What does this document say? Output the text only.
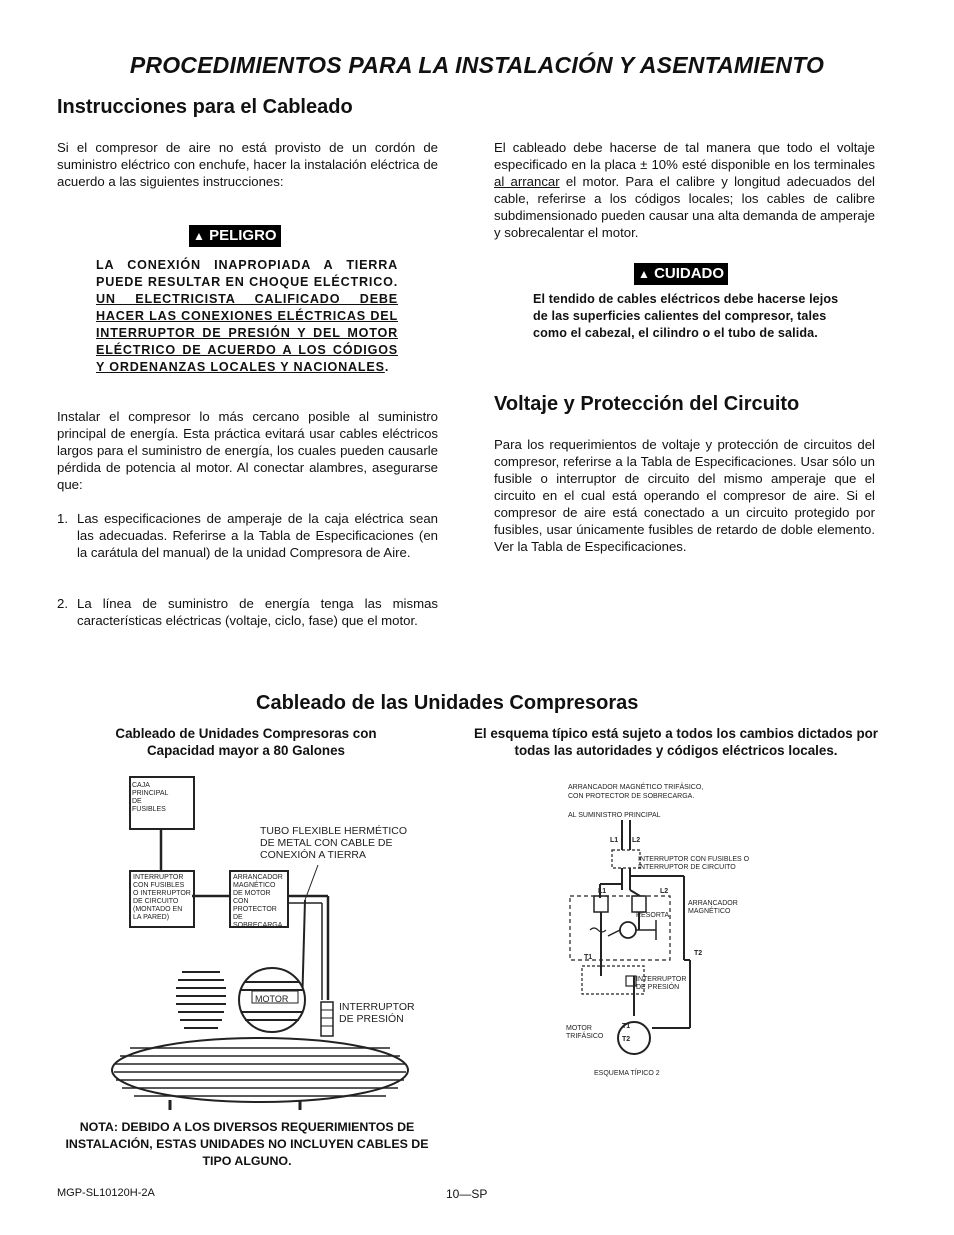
PROCEDIMIENTOS PARA LA INSTALACIÓN Y ASENTAMIENTO
Instrucciones para el Cableado

Si el compresor de aire no está provisto de un cordón de suministro eléctrico con enchufe, hacer la instalación eléctrica de acuerdo a las siguientes instrucciones:

▲ PELIGRO

LA CONEXIÓN INAPROPIADA A TIERRA PUEDE RESULTAR EN CHOQUE ELÉCTRICO. UN ELECTRICISTA CALIFICADO DEBE HACER LAS CONEXIONES ELÉCTRICAS DEL INTERRUPTOR DE PRESIÓN Y DEL MOTOR ELÉCTRICO DE ACUERDO A LOS CÓDIGOS Y ORDENANZAS LOCALES Y NACIONALES.

Instalar el compresor lo más cercano posible al suministro principal de energía. Esta práctica evitará usar cables eléctricos largos para el suministro de energía, los cuales pueden causarle pérdida de potencia al motor. Al conectar alambres, asegurarse que:

1. Las especificaciones de amperaje de la caja eléctrica sean las adecuadas. Referirse a la Tabla de Especificaciones (en la carátula del manual) de la unidad Compresora de Aire.
2. La línea de suministro de energía tenga las mismas características eléctricas (voltaje, ciclo, fase) que el motor.

El cableado debe hacerse de tal manera que todo el voltaje especificado en la placa ± 10% esté disponible en los terminales al arrancar el motor. Para el calibre y longitud adecuados del cable, referirse a los códigos locales; los cables de calibre subdimensionado pueden causar una alta demanda de amperaje y sobrecalentar el motor.

▲ CUIDADO

El tendido de cables eléctricos debe hacerse lejos de las superficies calientes del compresor, tales como el cabezal, el cilindro o el tubo de salida.

Voltaje y Protección del Circuito

Para los requerimientos de voltaje y protección de circuitos del compresor, referirse a la Tabla de Especificaciones. Usar sólo un fusible o interruptor de circuito del mismo amperaje que el circuito en el cual está operando el compresor de aire. Si el compresor de aire está conectado a un circuito protegido por fusibles, usar únicamente fusibles de retardo de doble elemento. Ver la Tabla de Especificaciones.

Cableado de las Unidades Compresoras

Cableado de Unidades Compresoras con Capacidad mayor a 80 Galones

El esquema típico está sujeto a todos los cambios dictados por todas las autoridades y códigos eléctricos locales.

CAJA PRINCIPAL DE FUSIBLES
TUBO FLEXIBLE HERMÉTICO DE METAL CON CABLE DE CONEXIÓN A TIERRA
INTERRUPTOR CON FUSIBLES O INTERRUPTOR DE CIRCUITO (MONTADO EN LA PARED)
ARRANCADOR MAGNÉTICO DE MOTOR CON PROTECTOR DE SOBRECARGA
MOTOR
INTERRUPTOR DE PRESIÓN
ARRANCADOR MAGNÉTICO TRIFÁSICO,
CON PROTECTOR DE SOBRECARGA.
AL SUMINISTRO PRINCIPAL
L1 L2
INTERRUPTOR CON FUSIBLES O INTERRUPTOR DE CIRCUITO
L1	L2
RESORTA
ARRANCADOR MAGNÉTICO
T1
T2
INTERRUPTOR DE PRESIÓN
MOTOR TRIFÁSICO
T1
T2
ESQUEMA TÍPICO 2

NOTA: DEBIDO A LOS DIVERSOS REQUERIMIENTOS DE INSTALACIÓN, ESTAS UNIDADES NO INCLUYEN CABLES DE TIPO ALGUNO.

MGP-SL10120H-2A	10—SP
